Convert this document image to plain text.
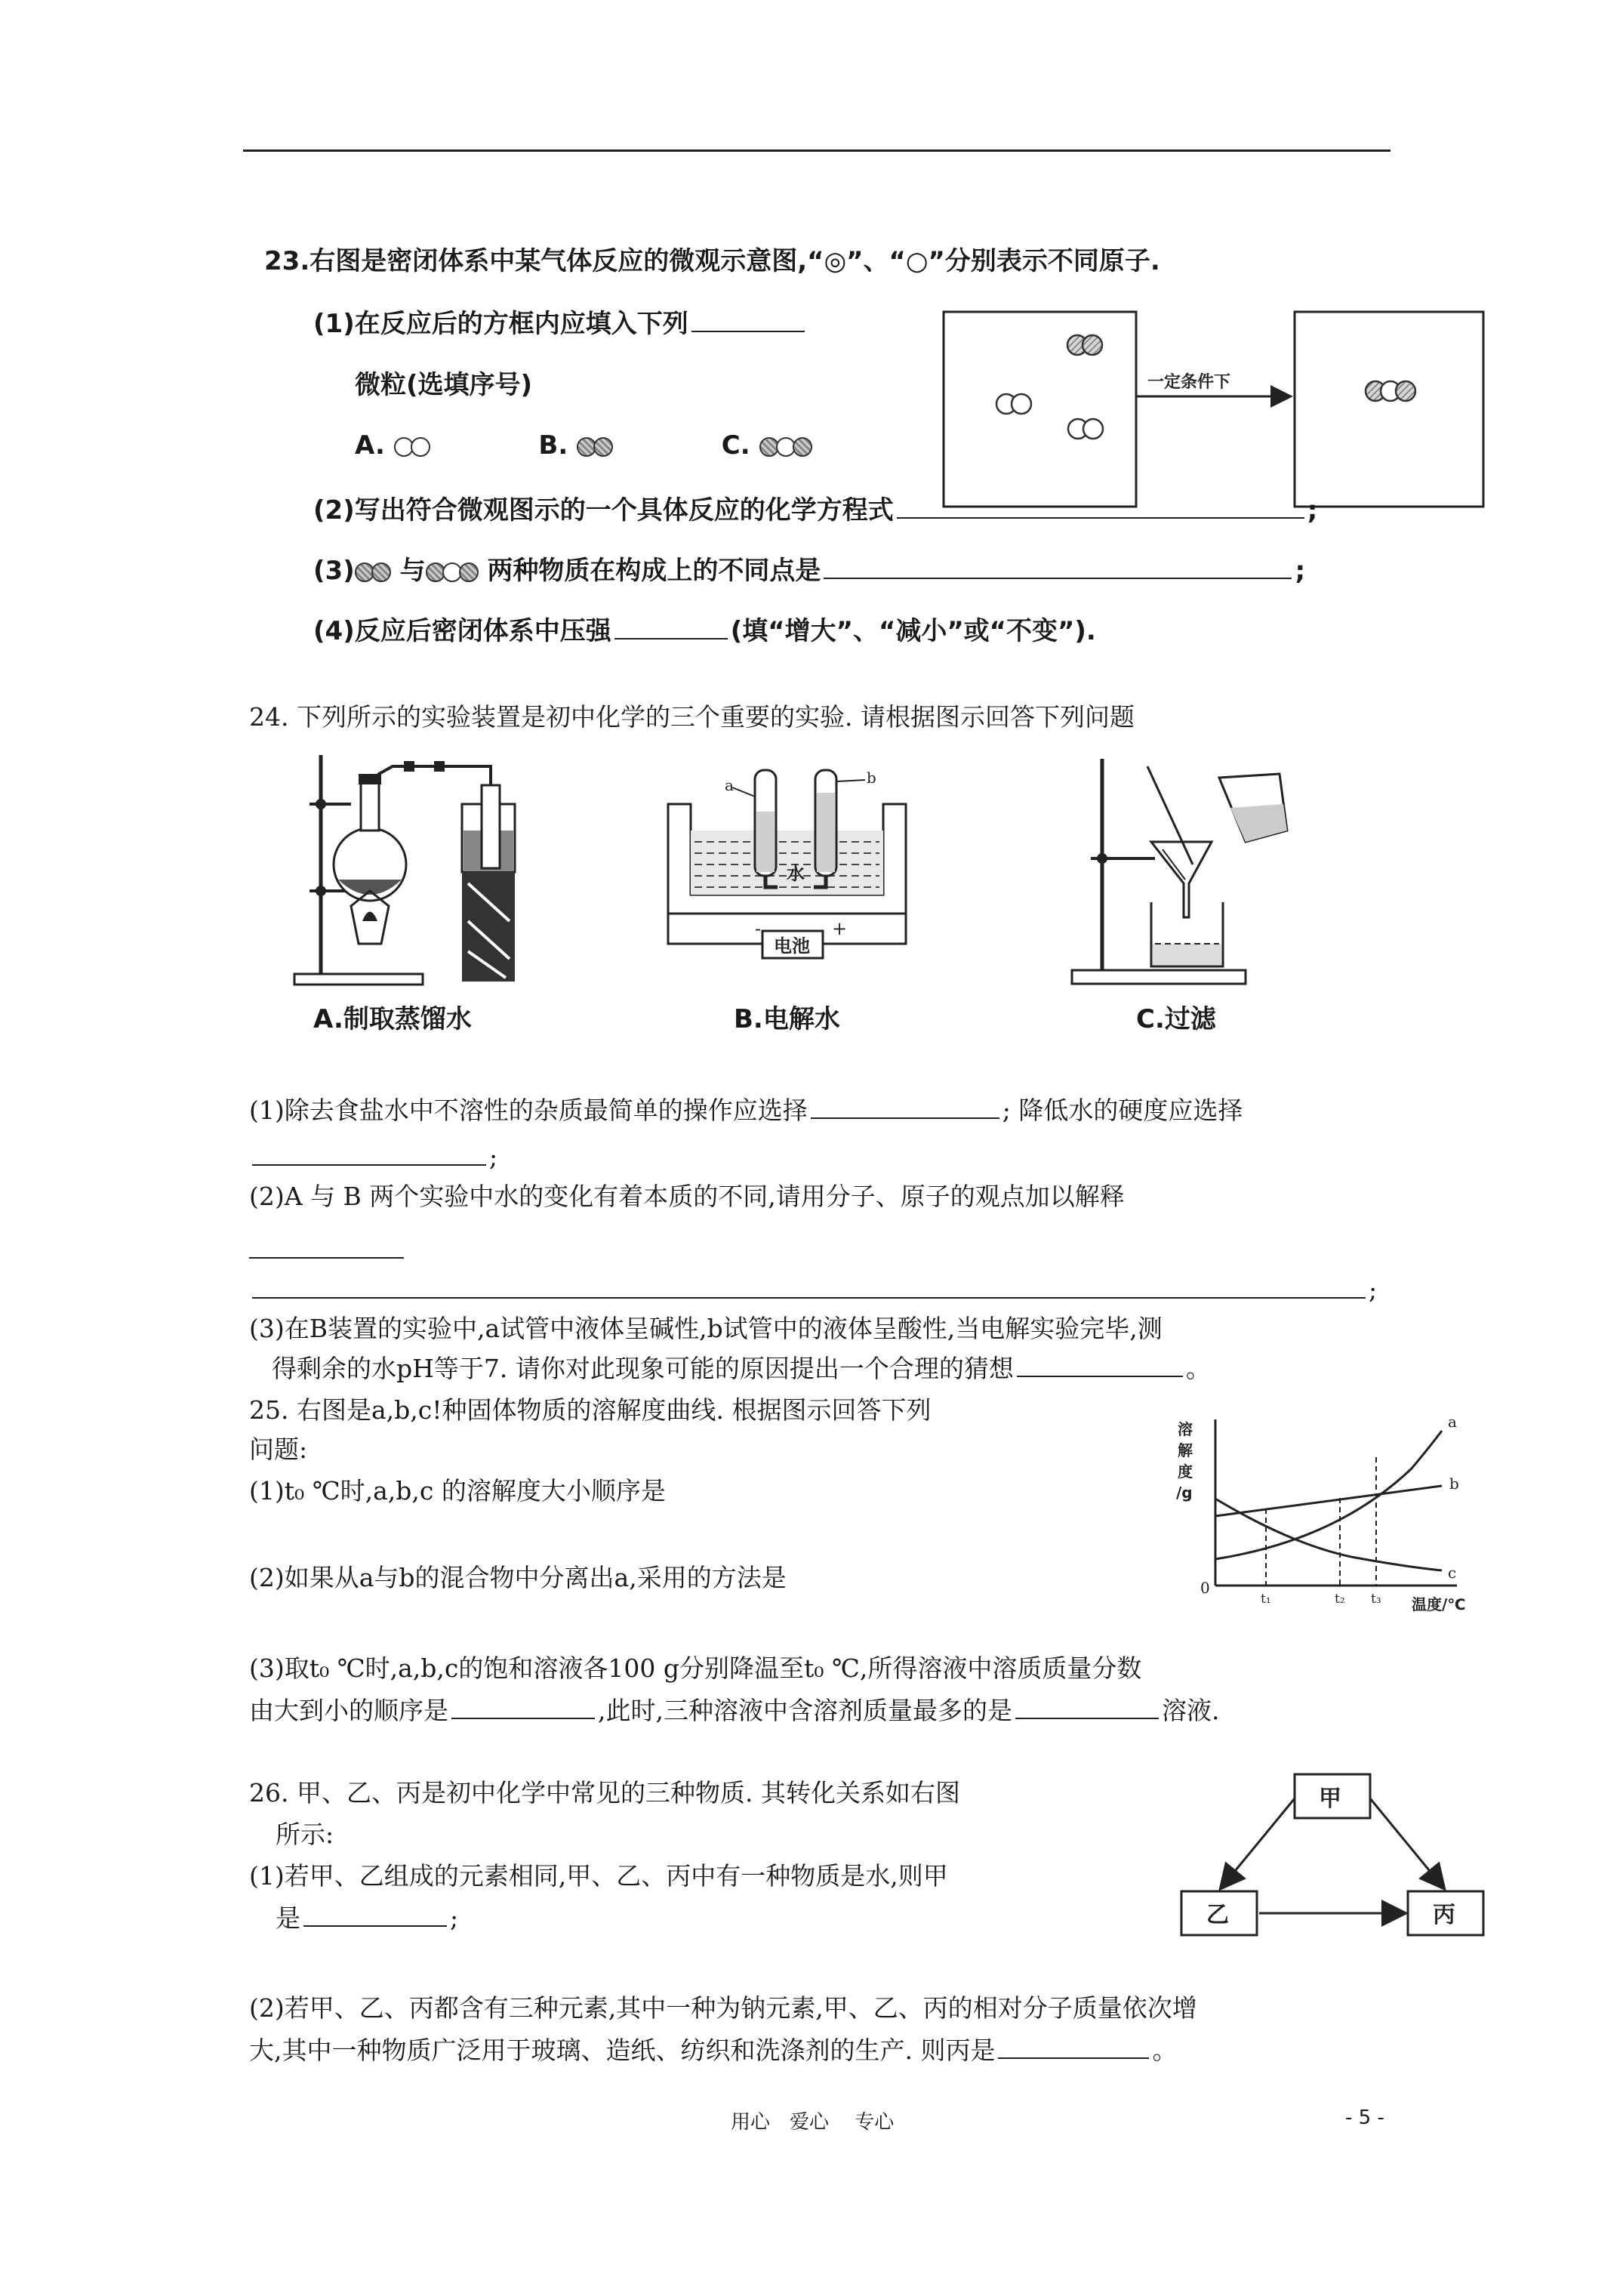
23.右图是密闭体系中某气体反应的微观示意图,“◎”、“○”分别表示不同原子.
(1)在反应后的方框内应填入下列
微粒(选填序号)
A.	B.	C.
一定条件下
(2)写出符合微观图示的一个具体反应的化学方程式	;
(3) 与 两种物质在构成上的不同点是	;
(4)反应后密闭体系中压强	(填“增大”、“减小”或“不变”).
24. 下列所示的实验装置是初中化学的三个重要的实验. 请根据图示回答下列问题
A.制取蒸馏水
a	b
水
-	+
电池
B.电解水	C.过滤
(1)除去食盐水中不溶性的杂质最简单的操作应选择	; 降低水的硬度应选择
;
(2)A 与 B 两个实验中水的变化有着本质的不同,请用分子、原子的观点加以解释
;
(3)在B装置的实验中,a试管中液体呈碱性,b试管中的液体呈酸性,当电解实验完毕,测
得剩余的水pH等于7. 请你对此现象可能的原因提出一个合理的猜想	。
25. 右图是a,b,c!种固体物质的溶解度曲线. 根据图示回答下列
问题:
(1)t₀ ℃时,a,b,c 的溶解度大小顺序是
(2)如果从a与b的混合物中分离出a,采用的方法是
溶
解
度
/g
0
温度/℃
t₁	t₂ t₃
a
b
c
(3)取t₀ ℃时,a,b,c的饱和溶液各100 g分别降温至t₀ ℃,所得溶液中溶质质量分数
由大到小的顺序是	,此时,三种溶液中含溶剂质量最多的是	溶液.
26. 甲、乙、丙是初中化学中常见的三种物质. 其转化关系如右图
所示:
(1)若甲、乙组成的元素相同,甲、乙、丙中有一种物质是水,则甲
是	;
甲
乙	丙
(2)若甲、乙、丙都含有三种元素,其中一种为钠元素,甲、乙、丙的相对分子质量依次增
大,其中一种物质广泛用于玻璃、造纸、纺织和洗涤剂的生产. 则丙是	。
用心　爱心　 专心	- 5 -
